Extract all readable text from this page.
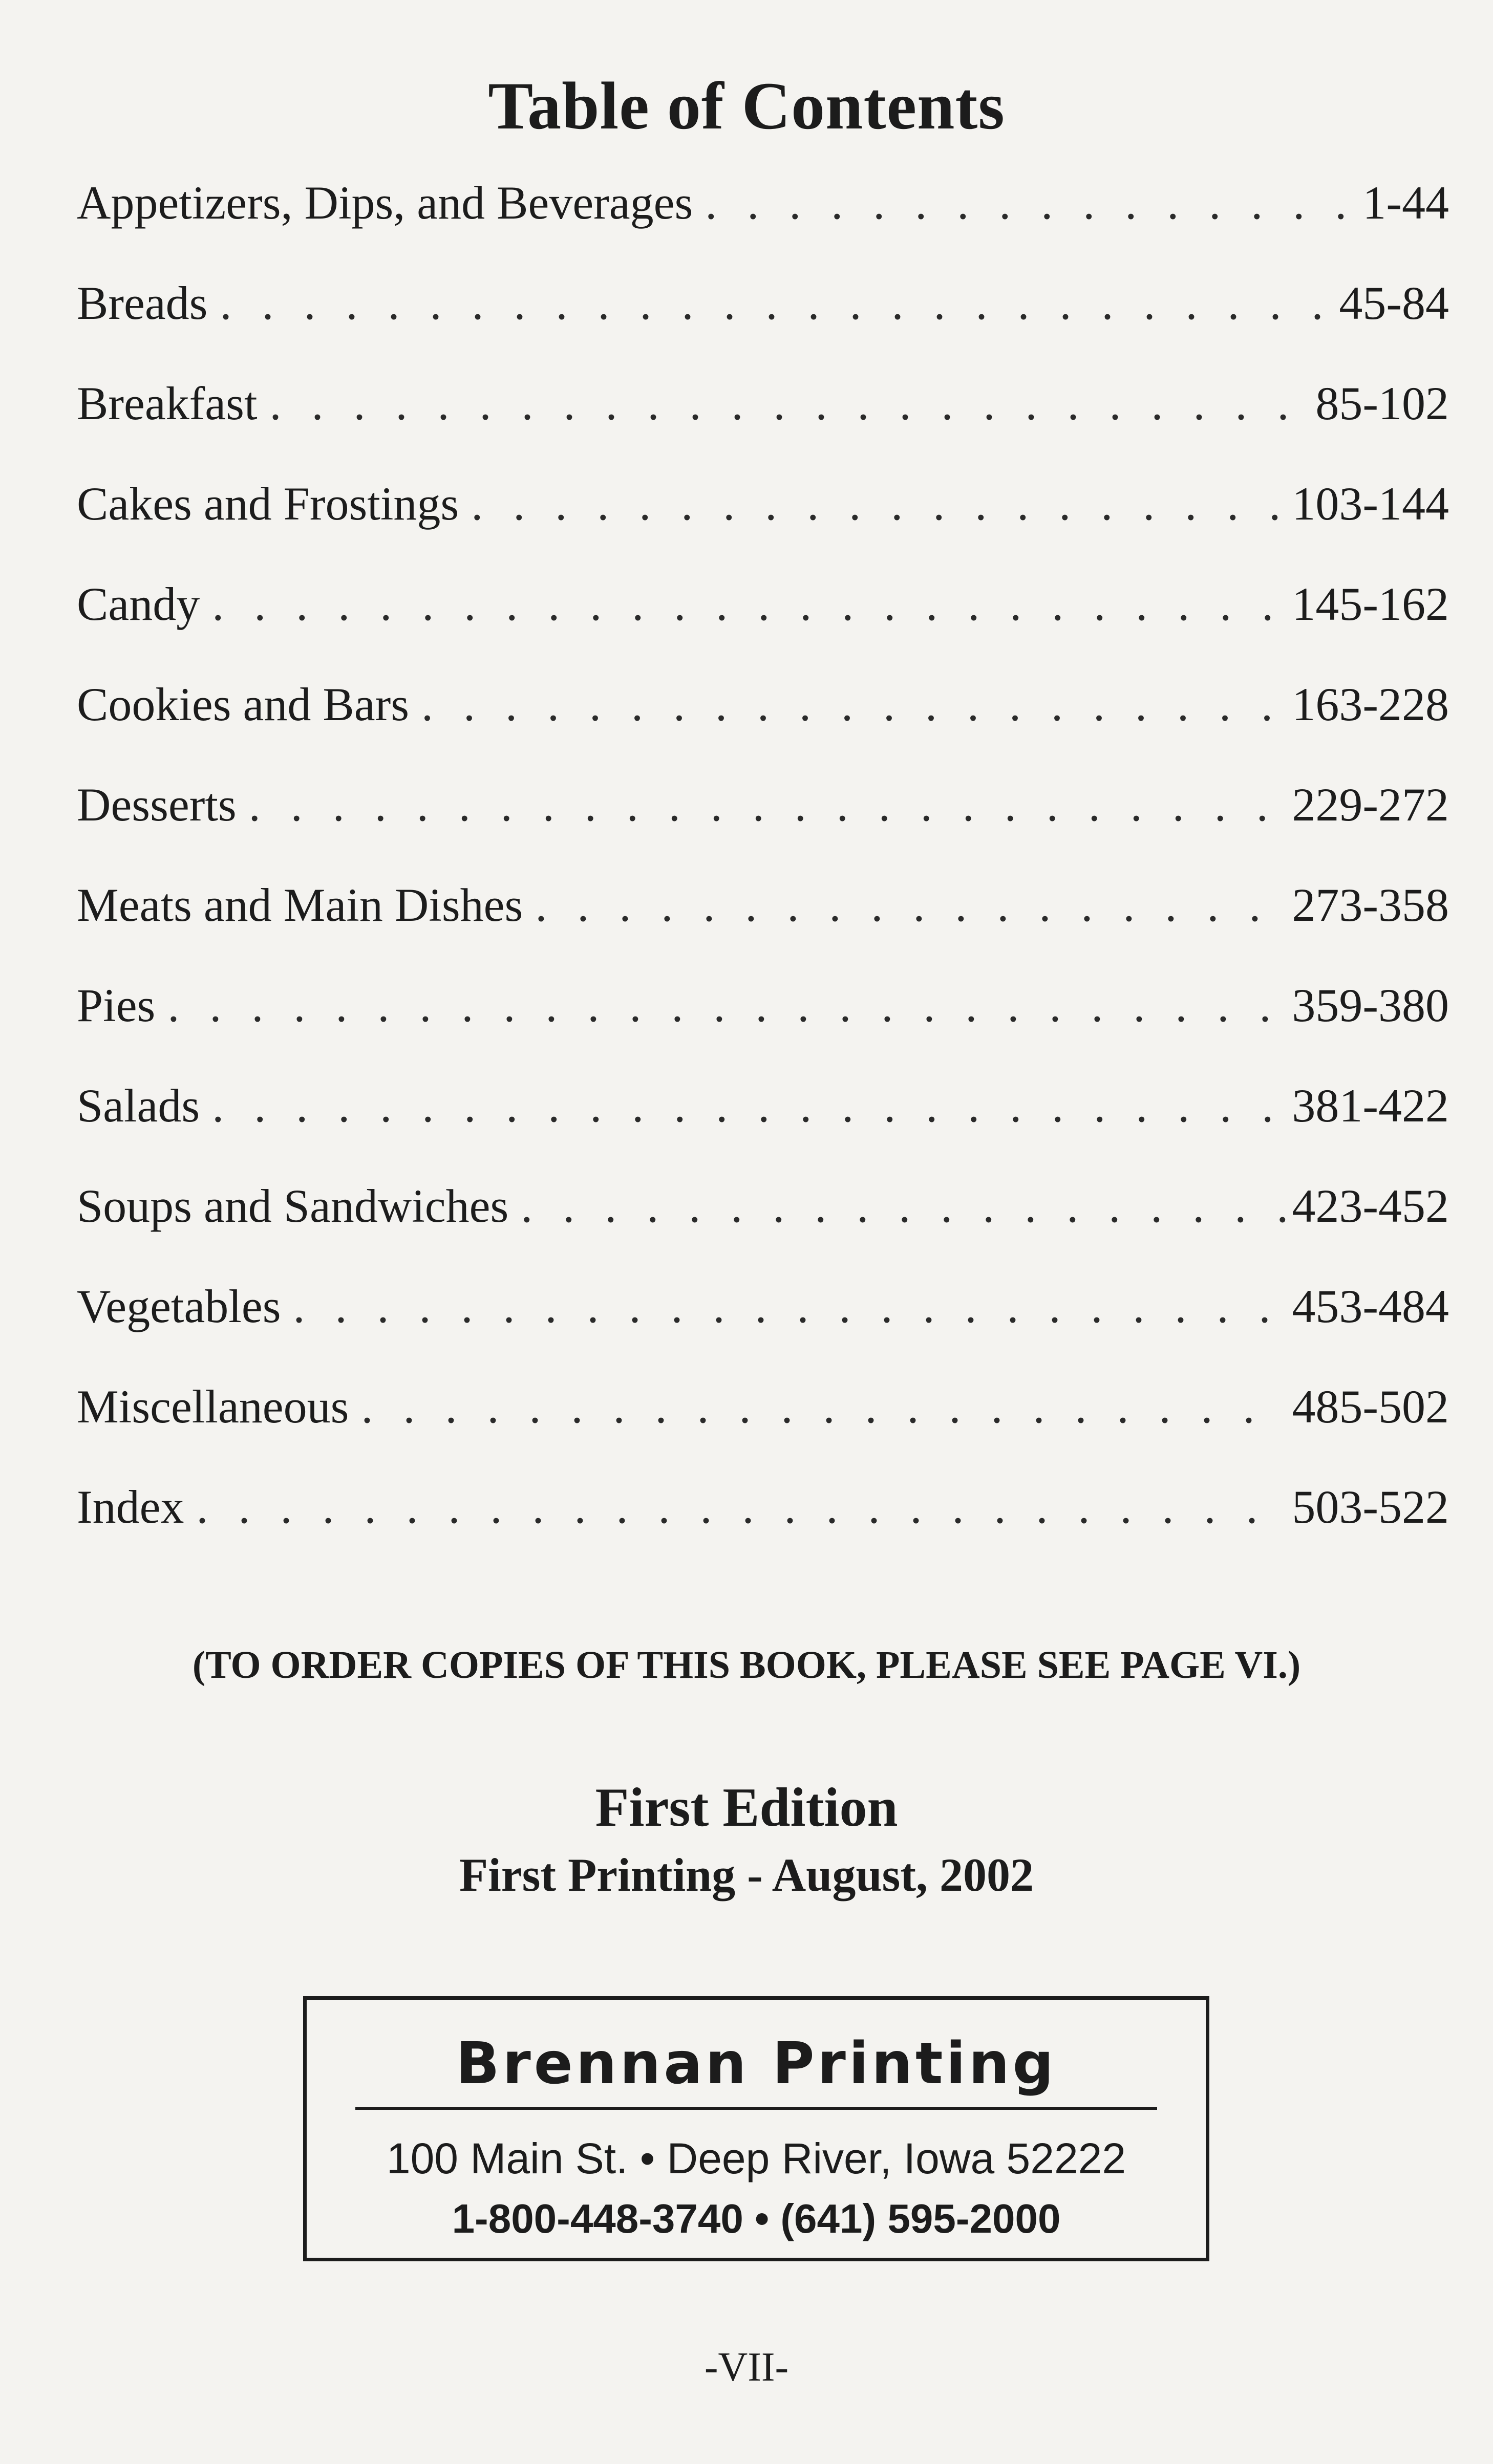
Table of Contents
Appetizers, Dips, and Beverages . . .	1-44
Breads . . .	45-84
Breakfast . . .	85-102
Cakes and Frostings . . .	103-144
Candy . . .	145-162
Cookies and Bars . . .	163-228
Desserts . . .	229-272
Meats and Main Dishes . . .	273-358
Pies . . .	359-380
Salads . . .	381-422
Soups and Sandwiches . . .	423-452
Vegetables . . .	453-484
Miscellaneous . . .	485-502
Index . . .	503-522
(TO ORDER COPIES OF THIS BOOK, PLEASE SEE PAGE VI.)
First Edition
First Printing - August, 2002
Brennan Printing
100 Main St. • Deep River, Iowa 52222
1-800-448-3740 • (641) 595-2000
-VII-
